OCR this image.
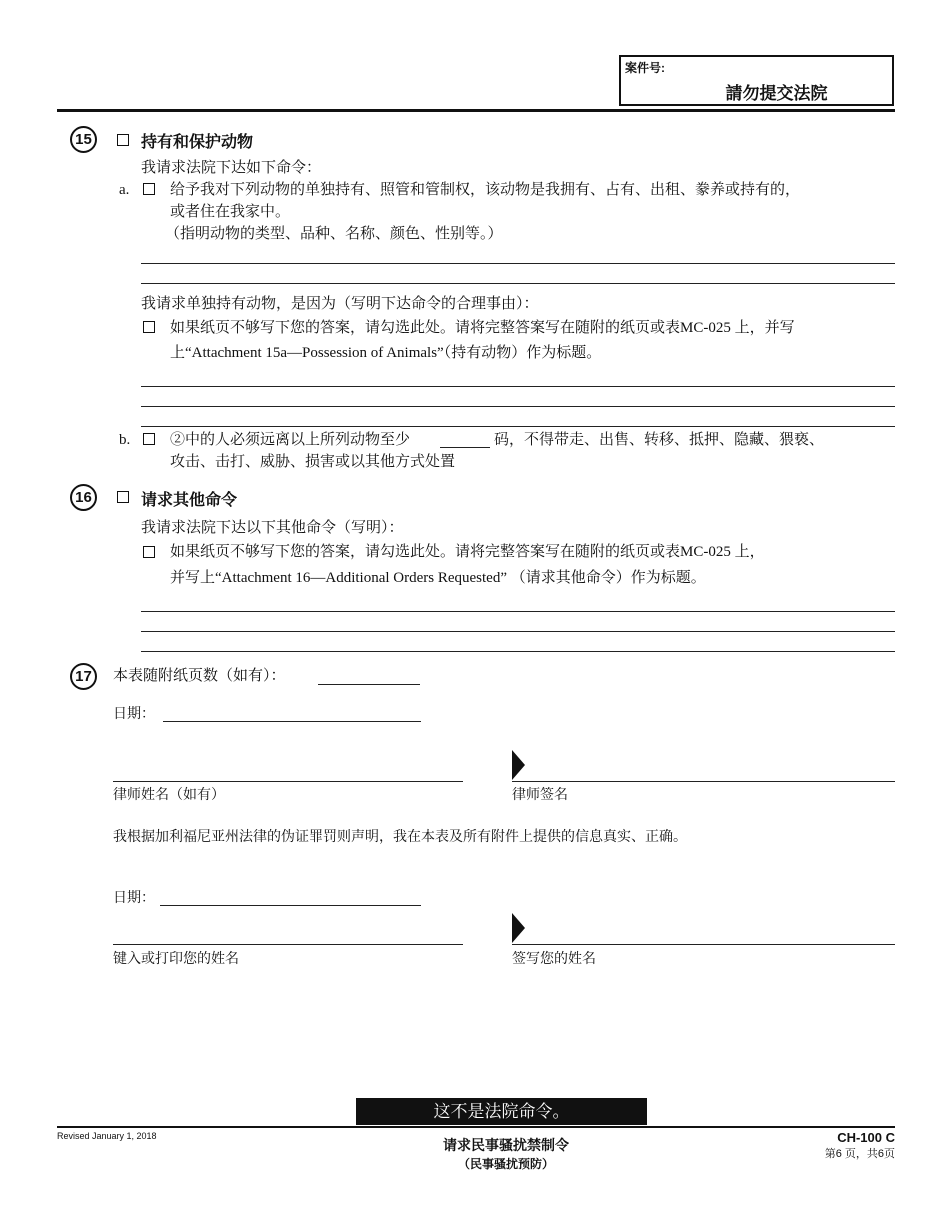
案件号:
請勿提交法院
15	持有和保护动物
我请求法院下达如下命令：
a.	给予我对下列动物的单独持有、照管和管制权，该动物是我拥有、占有、出租、豢养或持有的，
或者住在我家中。
（指明动物的类型、品种、名称、颜色、性别等。）
我请求单独持有动物，是因为（写明下达命令的合理事由）：
如果纸页不够写下您的答案，请勾选此处。请将完整答案写在随附的纸页或表MC-025 上，并写
上“Attachment 15a—Possession of Animals”（持有动物）作为标题。
b.	②中的人必须远离以上所列动物至少	码，不得带走、出售、转移、抵押、隐藏、猥亵、
攻击、击打、威胁、损害或以其他方式处置
16	请求其他命令
我请求法院下达以下其他命令（写明）：
如果纸页不够写下您的答案，请勾选此处。请将完整答案写在随附的纸页或表MC-025 上，
并写上“Attachment 16—Additional Orders Requested” （请求其他命令）作为标题。
17	本表随附纸页数（如有）：
日期：
律师姓名（如有）	律师签名
我根据加利福尼亚州法律的伪证罪罚则声明，我在本表及所有附件上提供的信息真实、正确。
日期：
键入或打印您的姓名	签写您的姓名
这不是法院命令。
Revised January 1, 2018
请求民事骚扰禁制令
（民事骚扰预防）
CH-100 C
第6 页，共6页
